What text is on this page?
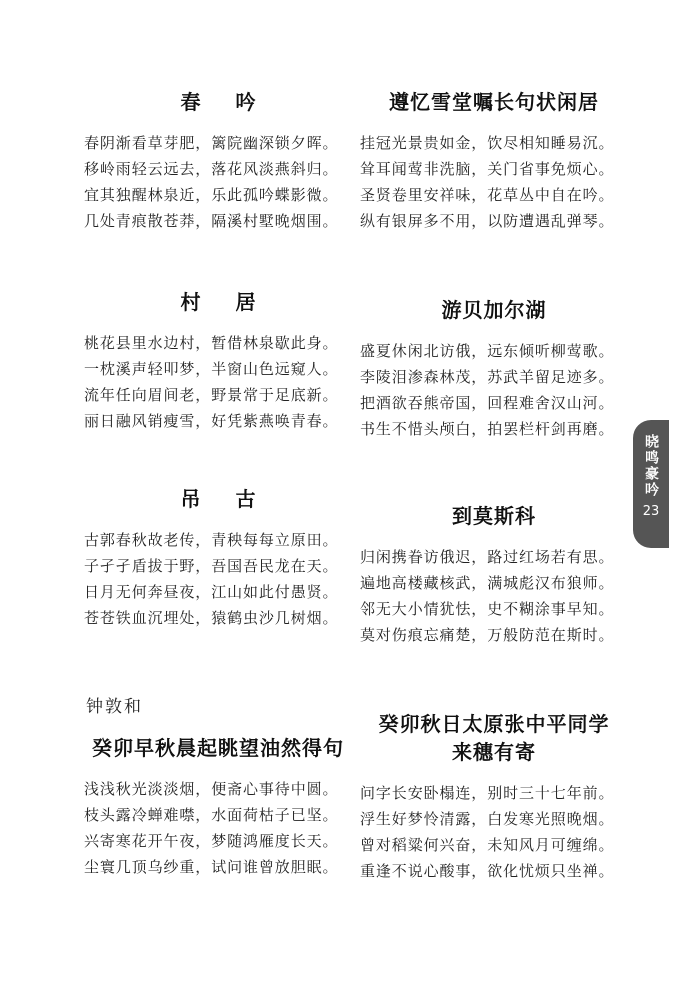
春 吟
春阴渐看草芽肥，篱院幽深锁夕晖。
移岭雨轻云远去，落花风淡燕斜归。
宜其独醒林泉近，乐此孤吟蝶影微。
几处青痕散苍莽，隔溪村墅晚烟围。
村 居
桃花县里水边村，暂借林泉歇此身。
一枕溪声轻叩梦，半窗山色远窥人。
流年任向眉间老，野景常于足底新。
丽日融风销瘦雪，好凭紫燕唤青春。
吊 古
古郭春秋故老传，青秧每每立原田。
子孑孑盾拔于野，吾国吾民龙在天。
日月无何奔昼夜，江山如此付愚贤。
苍苍铁血沉埋处，猿鹤虫沙几树烟。
钟敦和
癸卯早秋晨起眺望油然得句
浅浅秋光淡淡烟，便斋心事待中圆。
枝头露冷蝉难噤，水面荷枯子已坚。
兴寄寒花开午夜，梦随鸿雁度长天。
尘寰几顶乌纱重，试问谁曾放胆眠。
遵忆雪堂嘱长句状闲居
挂冠光景贵如金，饮尽相知睡易沉。
耸耳闻莺非洗脑，关门省事免烦心。
圣贤卷里安祥味，花草丛中自在吟。
纵有银屏多不用，以防遭遇乱弹琴。
游贝加尔湖
盛夏休闲北访俄，远东倾听柳莺歌。
李陵泪渗森林茂，苏武羊留足迹多。
把酒欲吞熊帝国，回程难舍汉山河。
书生不惜头颅白，拍罢栏杆剑再磨。
到莫斯科
归闲携眷访俄迟，路过红场若有思。
遍地高楼藏核武，满城彪汉布狼师。
邻无大小情犹怯，史不糊涂事早知。
莫对伤痕忘痛楚，万般防范在斯时。
癸卯秋日太原张中平同学
来穗有寄
问字长安卧榻连，别时三十七年前。
浮生好梦怜清露，白发寒光照晚烟。
曾对稻粱何兴奋，未知风月可缠绵。
重逢不说心酸事，欲化忧烦只坐禅。
晓鸣豪吟
23
